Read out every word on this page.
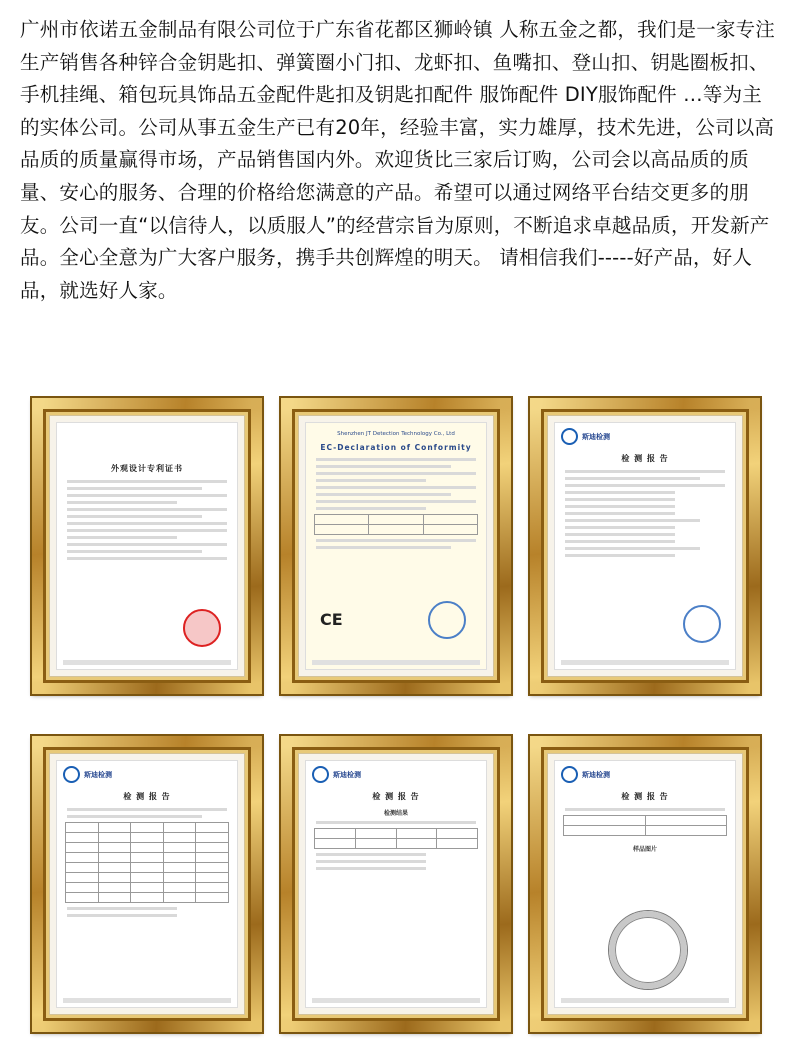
广州市依诺五金制品有限公司位于广东省花都区狮岭镇 人称五金之都，我们是一家专注生产销售各种锌合金钥匙扣、弹簧圈小门扣、龙虾扣、鱼嘴扣、登山扣、钥匙圈板扣、手机挂绳、箱包玩具饰品五金配件匙扣及钥匙扣配件 服饰配件 DIY服饰配件 …等为主的实体公司。公司从事五金生产已有20年，经验丰富，实力雄厚，技术先进，公司以高品质的质量赢得市场，产品销售国内外。欢迎货比三家后订购，公司会以高品质的质量、安心的服务、合理的价格给您满意的产品。希望可以通过网络平台结交更多的朋友。公司一直“以信待人，以质服人”的经营宗旨为原则，不断追求卓越品质，开发新产品。全心全意为广大客户服务，携手共创辉煌的明天。 请相信我们-----好产品，好人品，就选好人家。
外观设计专利证书
Shenzhen JT Detection Technology Co., Ltd
EC-Declaration of Conformity

CE
斯迪检测
检 测 报 告
斯迪检测
检 测 报 告

斯迪检测
检 测 报 告
检测结果

斯迪检测
检 测 报 告

样品图片
